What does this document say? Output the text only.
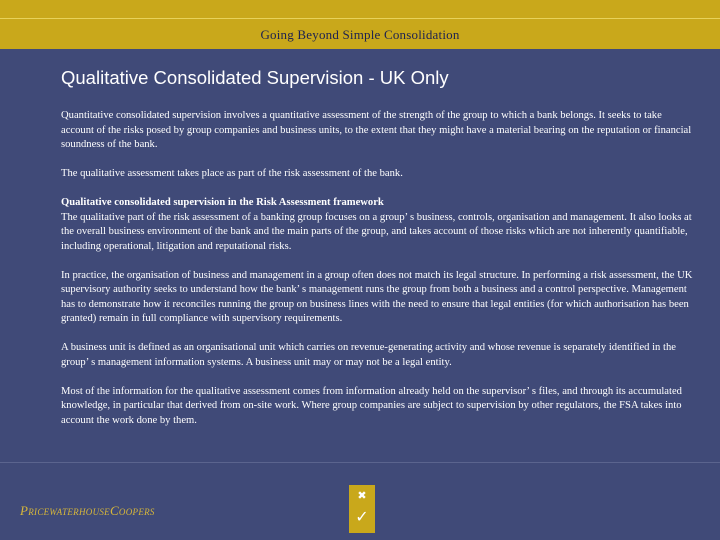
Going Beyond Simple Consolidation
Qualitative Consolidated Supervision - UK Only

Quantitative consolidated supervision involves a quantitative assessment of the strength of the group to which a bank belongs. It seeks to take account of the risks posed by group companies and business units, to the extent that they might have a material bearing on the reputation or financial soundness of the bank.

The qualitative assessment takes place as part of the risk assessment of the bank.

Qualitative consolidated supervision in the Risk Assessment framework

The qualitative part of the risk assessment of a banking group focuses on a group’ s business, controls, organisation and management. It also looks at the overall business environment of the bank and the main parts of the group, and takes account of those risks which are not inherently quantifiable, including operational, litigation and reputational risks.

In practice, the organisation of business and management in a group often does not match its legal structure. In performing a risk assessment, the UK supervisory authority seeks to understand how the bank’ s management runs the group from both a business and a control perspective. Management has to demonstrate how it reconciles running the group on business lines with the need to ensure that legal entities (for which authorisation has been granted) remain in full compliance with supervisory requirements.

A business unit is defined as an organisational unit which carries on revenue-generating activity and whose revenue is separately identified in the group’ s management information systems. A business unit may or may not be a legal entity.

Most of the information for the qualitative assessment comes from information already held on the supervisor’ s files, and through its accumulated knowledge, in particular that derived from on-site work. Where group companies are subject to supervision by other regulators, the FSA takes into account the work done by them.

PricewaterhouseCoopers
✖
✓
